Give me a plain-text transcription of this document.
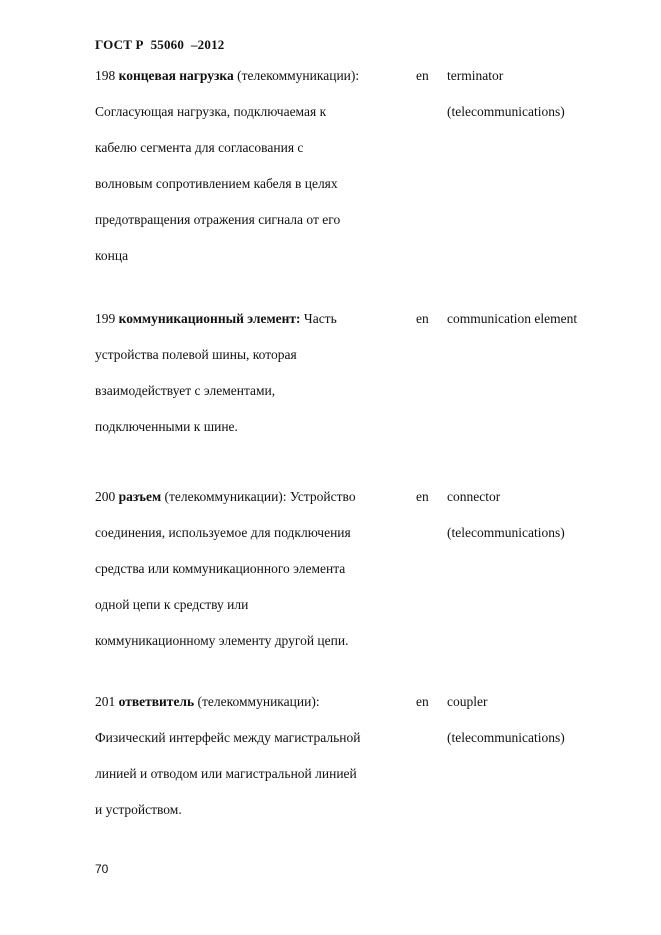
ГОСТ Р  55060  –2012
198 концевая нагрузка (телекоммуникации):
Согласующая нагрузка, подключаемая к
кабелю сегмента для согласования с
волновым сопротивлением кабеля в целях
предотвращения отражения сигнала от его
конца
en terminator
(telecommunications)
199 коммуникационный элемент: Часть
устройства полевой шины, которая
взаимодействует с элементами,
подключенными к шине.
en communication element
200 разъем (телекоммуникации): Устройство
соединения, используемое для подключения
средства или коммуникационного элемента
одной цепи к средству или
коммуникационному элементу другой цепи.
en connector
(telecommunications)
201 ответвитель (телекоммуникации):
Физический интерфейс между магистральной
линией и отводом или магистральной линией
и устройством.
en coupler
(telecommunications)
70
